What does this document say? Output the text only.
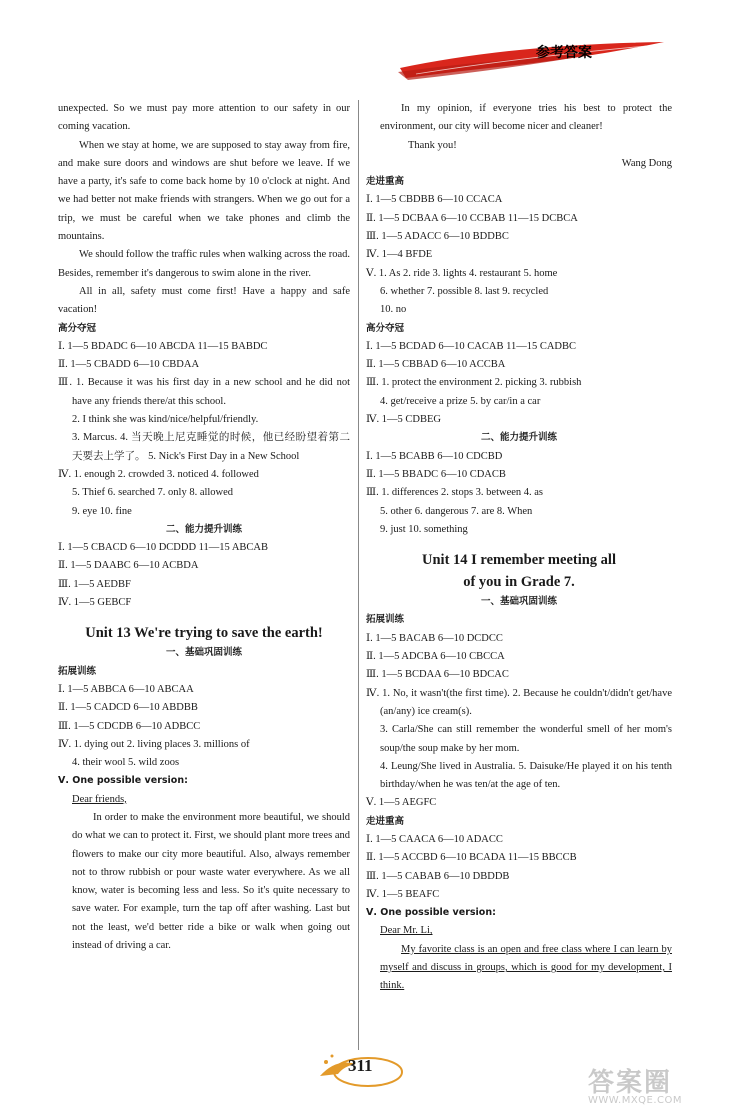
参考答案

unexpected. So we must pay more attention to our safety in our coming vacation.

When we stay at home, we are supposed to stay away from fire, and make sure doors and windows are shut before we leave. If we have a party, it's safe to come back home by 10 o'clock at night. And we had better not make friends with strangers. When we go out for a trip, we must be careful when we take phones and climb the mountains.

We should follow the traffic rules when walking across the road. Besides, remember it's dangerous to swim alone in the river.

All in all, safety must come first! Have a happy and safe vacation!

高分夺冠
Ⅰ. 1—5 BDADC 6—10 ABCDA 11—15 BABDC
Ⅱ. 1—5 CBADD 6—10 CBDAA

Ⅲ. 1. Because it was his first day in a new school and he did not have any friends there/at this school.

2. I think she was kind/nice/helpful/friendly.

3. Marcus. 4. 当天晚上尼克睡觉的时候，他已经盼望着第二天要去上学了。 5. Nick's First Day in a New School

Ⅳ. 1. enough 2. crowded 3. noticed 4. followed
5. Thief 6. searched 7. only 8. allowed
9. eye 10. fine
二、能力提升训练
Ⅰ. 1—5 CBACD 6—10 DCDDD 11—15 ABCAB
Ⅱ. 1—5 DAABC 6—10 ACBDA
Ⅲ. 1—5 AEDBF
Ⅳ. 1—5 GEBCF
Unit 13 We're trying to save the earth!
一、基础巩固训练
拓展训练
Ⅰ. 1—5 ABBCA 6—10 ABCAA
Ⅱ. 1—5 CADCD 6—10 ABDBB
Ⅲ. 1—5 CDCDB 6—10 ADBCC
Ⅳ. 1. dying out 2. living places 3. millions of
4. their wool 5. wild zoos
Ⅴ. One possible version:

Dear friends,

In order to make the environment more beautiful, we should do what we can to protect it. First, we should plant more trees and flowers to make our city more beautiful. Also, always remember not to throw rubbish or pour waste water everywhere. As we all know, water is becoming less and less. So it's quite necessary to save water. For example, turn the tap off after washing. Last but not the least, we'd better ride a bike or walk when going out instead of driving a car.

In my opinion, if everyone tries his best to protect the environment, our city will become nicer and cleaner!

Thank you!

Wang Dong

走进重高
Ⅰ. 1—5 CBDBB 6—10 CCACA
Ⅱ. 1—5 DCBAA 6—10 CCBAB 11—15 DCBCA
Ⅲ. 1—5 ADACC 6—10 BDDBC
Ⅳ. 1—4 BFDE
Ⅴ. 1. As 2. ride 3. lights 4. restaurant 5. home
6. whether 7. possible 8. last 9. recycled
10. no
高分夺冠
Ⅰ. 1—5 BCDAD 6—10 CACAB 11—15 CADBC
Ⅱ. 1—5 CBBAD 6—10 ACCBA
Ⅲ. 1. protect the environment 2. picking 3. rubbish
4. get/receive a prize 5. by car/in a car
Ⅳ. 1—5 CDBEG
二、能力提升训练
Ⅰ. 1—5 BCABB 6—10 CDCBD
Ⅱ. 1—5 BBADC 6—10 CDACB
Ⅲ. 1. differences 2. stops 3. between 4. as
5. other 6. dangerous 7. are 8. When
9. just 10. something
Unit 14 I remember meeting all
of you in Grade 7.
一、基础巩固训练
拓展训练
Ⅰ. 1—5 BACAB 6—10 DCDCC
Ⅱ. 1—5 ADCBA 6—10 CBCCA
Ⅲ. 1—5 BCDAA 6—10 BDCAC

Ⅳ. 1. No, it wasn't(the first time). 2. Because he couldn't/didn't get/have (an/any) ice cream(s).

3. Carla/She can still remember the wonderful smell of her mom's soup/the soup make by her mom.

4. Leung/She lived in Australia. 5. Daisuke/He played it on his tenth birthday/when he was ten/at the age of ten.

Ⅴ. 1—5 AEGFC
走进重高
Ⅰ. 1—5 CAACA 6—10 ADACC
Ⅱ. 1—5 ACCBD 6—10 BCADA 11—15 BBCCB
Ⅲ. 1—5 CABAB 6—10 DBDDB
Ⅳ. 1—5 BEAFC
Ⅴ. One possible version:

Dear Mr. Li,

My favorite class is an open and free class where I can learn by myself and discuss in groups, which is good for my development, I think.

311
答案圈
WWW.MXQE.COM
